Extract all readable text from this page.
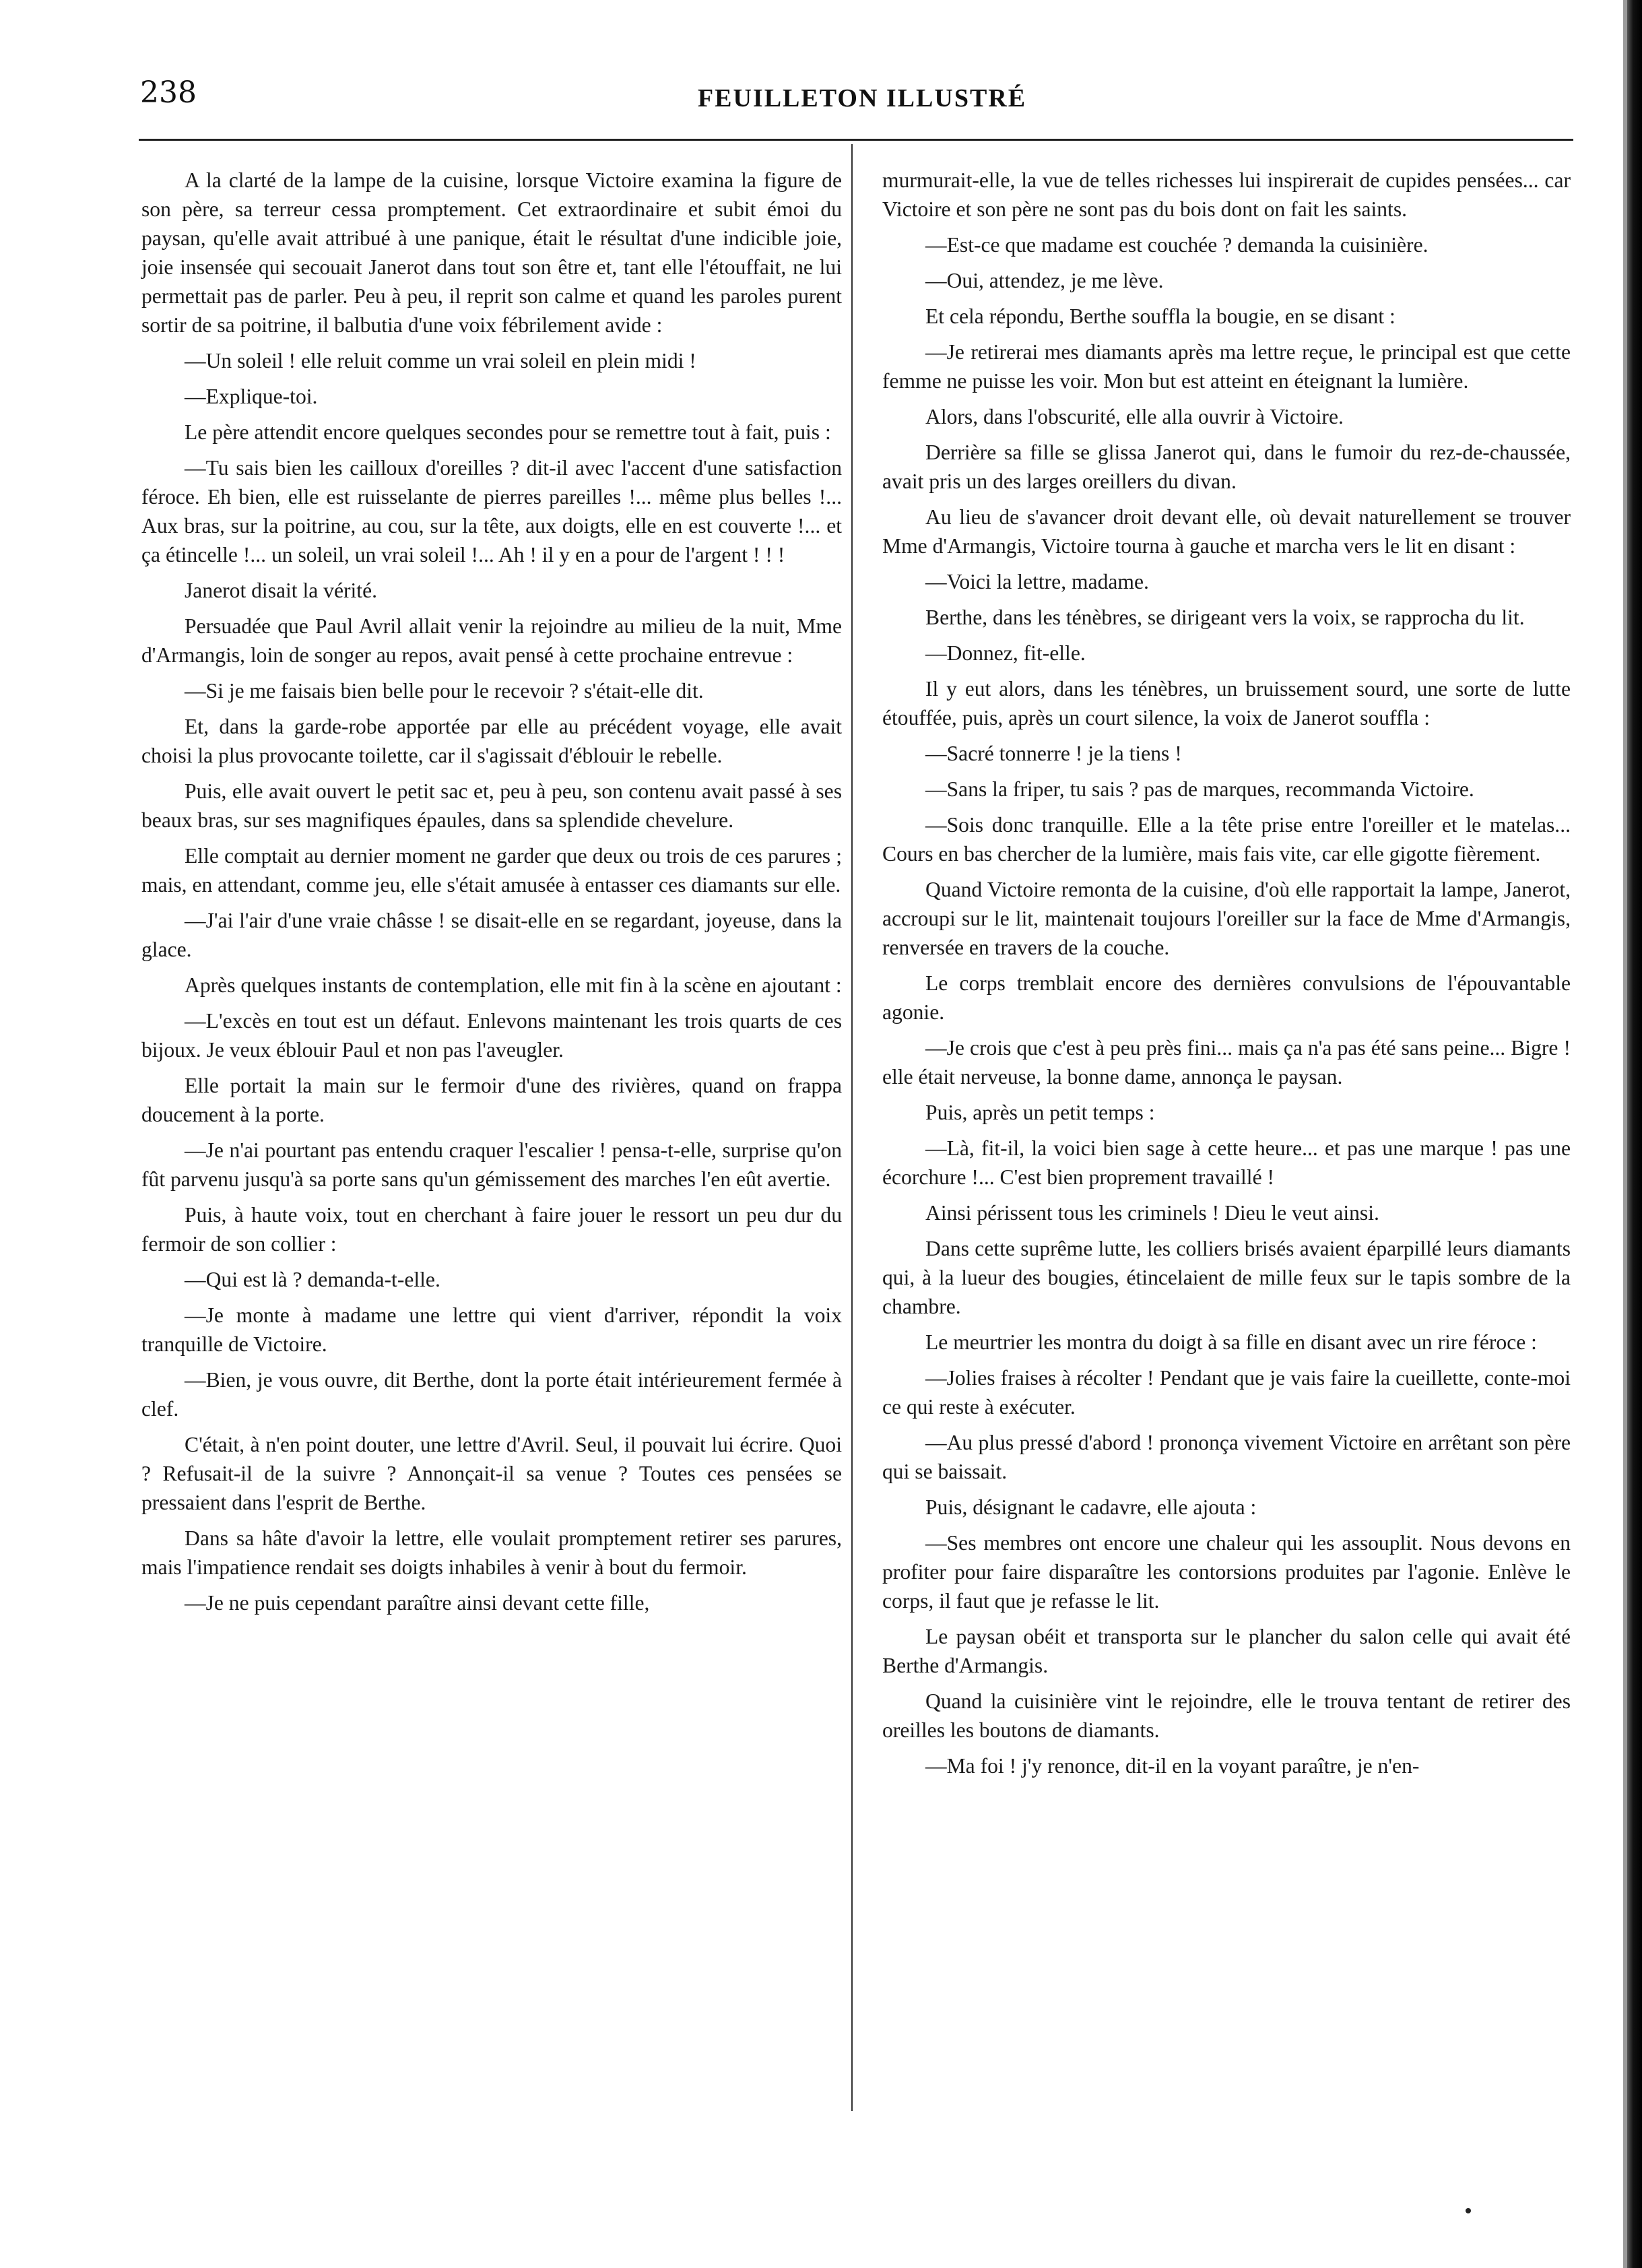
238	FEUILLETON ILLUSTRÉ

A la clarté de la lampe de la cuisine, lorsque Victoire examina la figure de son père, sa terreur cessa promptement. Cet extraordinaire et subit émoi du paysan, qu'elle avait attribué à une panique, était le résultat d'une indicible joie, joie insensée qui secouait Janerot dans tout son être et, tant elle l'étouffait, ne lui permettait pas de parler. Peu à peu, il reprit son calme et quand les paroles purent sortir de sa poitrine, il balbutia d'une voix fébrilement avide :

—Un soleil ! elle reluit comme un vrai soleil en plein midi !

—Explique-toi.

Le père attendit encore quelques secondes pour se remettre tout à fait, puis :

—Tu sais bien les cailloux d'oreilles ? dit-il avec l'accent d'une satisfaction féroce. Eh bien, elle est ruisselante de pierres pareilles !... même plus belles !... Aux bras, sur la poitrine, au cou, sur la tête, aux doigts, elle en est couverte !... et ça étincelle !... un soleil, un vrai soleil !... Ah ! il y en a pour de l'argent ! ! !

Janerot disait la vérité.

Persuadée que Paul Avril allait venir la rejoindre au milieu de la nuit, Mme d'Armangis, loin de songer au repos, avait pensé à cette prochaine entrevue :

—Si je me faisais bien belle pour le recevoir ? s'était-elle dit.

Et, dans la garde-robe apportée par elle au précédent voyage, elle avait choisi la plus provocante toilette, car il s'agissait d'éblouir le rebelle.

Puis, elle avait ouvert le petit sac et, peu à peu, son contenu avait passé à ses beaux bras, sur ses magnifiques épaules, dans sa splendide chevelure.

Elle comptait au dernier moment ne garder que deux ou trois de ces parures ; mais, en attendant, comme jeu, elle s'était amusée à entasser ces diamants sur elle.

—J'ai l'air d'une vraie châsse ! se disait-elle en se regardant, joyeuse, dans la glace.

Après quelques instants de contemplation, elle mit fin à la scène en ajoutant :

—L'excès en tout est un défaut. Enlevons maintenant les trois quarts de ces bijoux. Je veux éblouir Paul et non pas l'aveugler.

Elle portait la main sur le fermoir d'une des rivières, quand on frappa doucement à la porte.

—Je n'ai pourtant pas entendu craquer l'escalier ! pensa-t-elle, surprise qu'on fût parvenu jusqu'à sa porte sans qu'un gémissement des marches l'en eût avertie.

Puis, à haute voix, tout en cherchant à faire jouer le ressort un peu dur du fermoir de son collier :

—Qui est là ? demanda-t-elle.

—Je monte à madame une lettre qui vient d'arriver, répondit la voix tranquille de Victoire.

—Bien, je vous ouvre, dit Berthe, dont la porte était intérieurement fermée à clef.

C'était, à n'en point douter, une lettre d'Avril. Seul, il pouvait lui écrire. Quoi ? Refusait-il de la suivre ? Annonçait-il sa venue ? Toutes ces pensées se pressaient dans l'esprit de Berthe.

Dans sa hâte d'avoir la lettre, elle voulait promptement retirer ses parures, mais l'impatience rendait ses doigts inhabiles à venir à bout du fermoir.

—Je ne puis cependant paraître ainsi devant cette fille,

murmurait-elle, la vue de telles richesses lui inspirerait de cupides pensées... car Victoire et son père ne sont pas du bois dont on fait les saints.

—Est-ce que madame est couchée ? demanda la cuisinière.

—Oui, attendez, je me lève.

Et cela répondu, Berthe souffla la bougie, en se disant :

—Je retirerai mes diamants après ma lettre reçue, le principal est que cette femme ne puisse les voir. Mon but est atteint en éteignant la lumière.

Alors, dans l'obscurité, elle alla ouvrir à Victoire.

Derrière sa fille se glissa Janerot qui, dans le fumoir du rez-de-chaussée, avait pris un des larges oreillers du divan.

Au lieu de s'avancer droit devant elle, où devait naturellement se trouver Mme d'Armangis, Victoire tourna à gauche et marcha vers le lit en disant :

—Voici la lettre, madame.

Berthe, dans les ténèbres, se dirigeant vers la voix, se rapprocha du lit.

—Donnez, fit-elle.

Il y eut alors, dans les ténèbres, un bruissement sourd, une sorte de lutte étouffée, puis, après un court silence, la voix de Janerot souffla :

—Sacré tonnerre ! je la tiens !

—Sans la friper, tu sais ? pas de marques, recommanda Victoire.

—Sois donc tranquille. Elle a la tête prise entre l'oreiller et le matelas... Cours en bas chercher de la lumière, mais fais vite, car elle gigotte fièrement.

Quand Victoire remonta de la cuisine, d'où elle rapportait la lampe, Janerot, accroupi sur le lit, maintenait toujours l'oreiller sur la face de Mme d'Armangis, renversée en travers de la couche.

Le corps tremblait encore des dernières convulsions de l'épouvantable agonie.

—Je crois que c'est à peu près fini... mais ça n'a pas été sans peine... Bigre ! elle était nerveuse, la bonne dame, annonça le paysan.

Puis, après un petit temps :

—Là, fit-il, la voici bien sage à cette heure... et pas une marque ! pas une écorchure !... C'est bien proprement travaillé !

Ainsi périssent tous les criminels ! Dieu le veut ainsi.

Dans cette suprême lutte, les colliers brisés avaient éparpillé leurs diamants qui, à la lueur des bougies, étincelaient de mille feux sur le tapis sombre de la chambre.

Le meurtrier les montra du doigt à sa fille en disant avec un rire féroce :

—Jolies fraises à récolter ! Pendant que je vais faire la cueillette, conte-moi ce qui reste à exécuter.

—Au plus pressé d'abord ! prononça vivement Victoire en arrêtant son père qui se baissait.

Puis, désignant le cadavre, elle ajouta :

—Ses membres ont encore une chaleur qui les assouplit. Nous devons en profiter pour faire disparaître les contorsions produites par l'agonie. Enlève le corps, il faut que je refasse le lit.

Le paysan obéit et transporta sur le plancher du salon celle qui avait été Berthe d'Armangis.

Quand la cuisinière vint le rejoindre, elle le trouva tentant de retirer des oreilles les boutons de diamants.

—Ma foi ! j'y renonce, dit-il en la voyant paraître, je n'en-
